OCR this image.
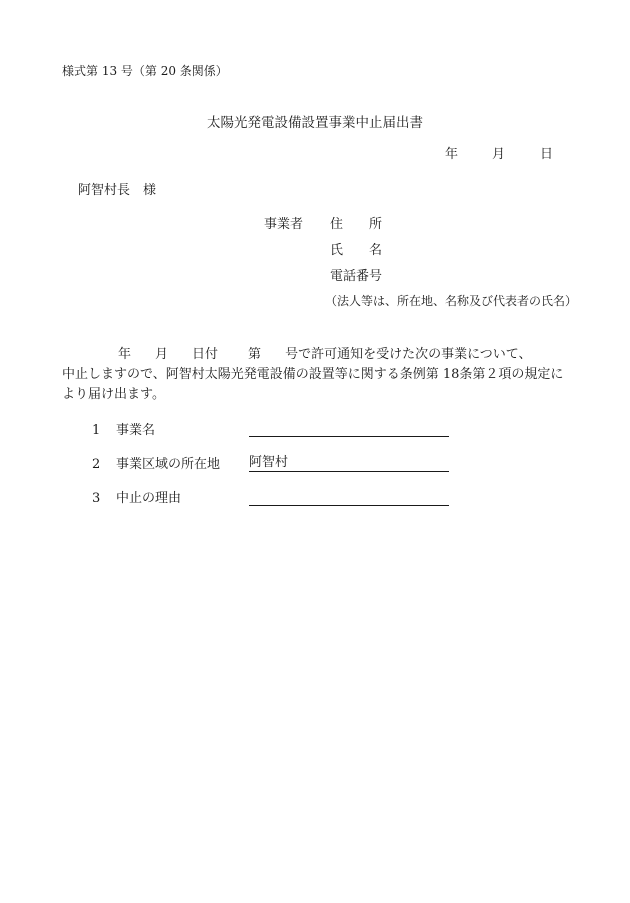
様式第 13 号（第 20 条関係）
太陽光発電設備設置事業中止届出書
年	月	日
阿智村長　様
事業者 住　　所
氏　　名
電話番号
（法人等は、所在地、名称及び代表者の氏名）
年 月 日付 第 号で許可通知を受けた次の事業について、
中止しますので、阿智村太陽光発電設備の設置等に関する条例第 18条第２項の規定に
より届け出ます。
1 事業名
2 事業区域の所在地 阿智村
3 中止の理由
